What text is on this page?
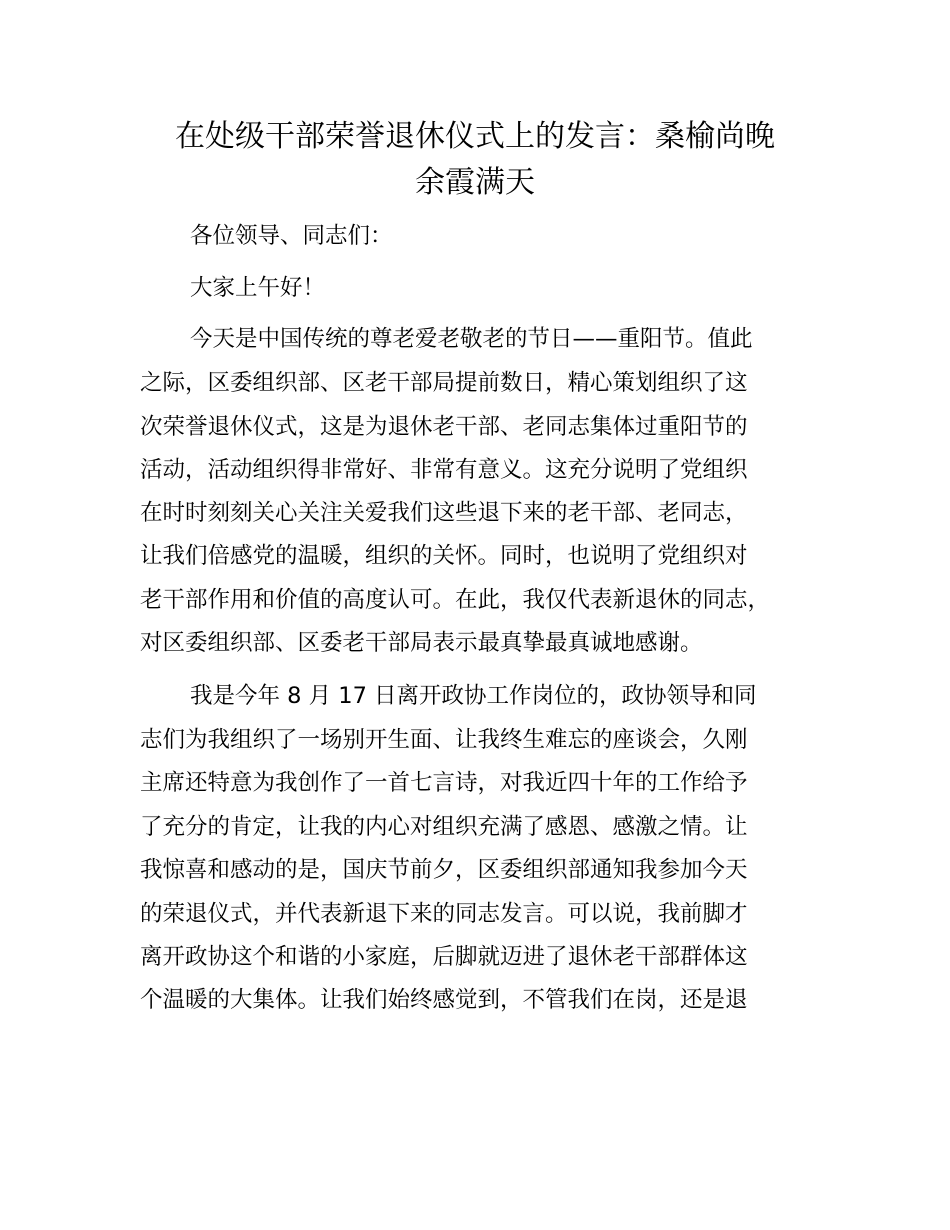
在处级干部荣誉退休仪式上的发言：桑榆尚晚
余霞满天

各位领导、同志们：

大家上午好！

今天是中国传统的尊老爱老敬老的节日——重阳节。值此

之际，区委组织部、区老干部局提前数日，精心策划组织了这

次荣誉退休仪式，这是为退休老干部、老同志集体过重阳节的

活动，活动组织得非常好、非常有意义。这充分说明了党组织

在时时刻刻关心关注关爱我们这些退下来的老干部、老同志，

让我们倍感党的温暖，组织的关怀。同时，也说明了党组织对

老干部作用和价值的高度认可。在此，我仅代表新退休的同志，

对区委组织部、区委老干部局表示最真挚最真诚地感谢。

我是今年 8 月 17 日离开政协工作岗位的，政协领导和同

志们为我组织了一场别开生面、让我终生难忘的座谈会，久刚

主席还特意为我创作了一首七言诗，对我近四十年的工作给予

了充分的肯定，让我的内心对组织充满了感恩、感激之情。让

我惊喜和感动的是，国庆节前夕，区委组织部通知我参加今天

的荣退仪式，并代表新退下来的同志发言。可以说，我前脚才

离开政协这个和谐的小家庭，后脚就迈进了退休老干部群体这

个温暖的大集体。让我们始终感觉到，不管我们在岗，还是退
